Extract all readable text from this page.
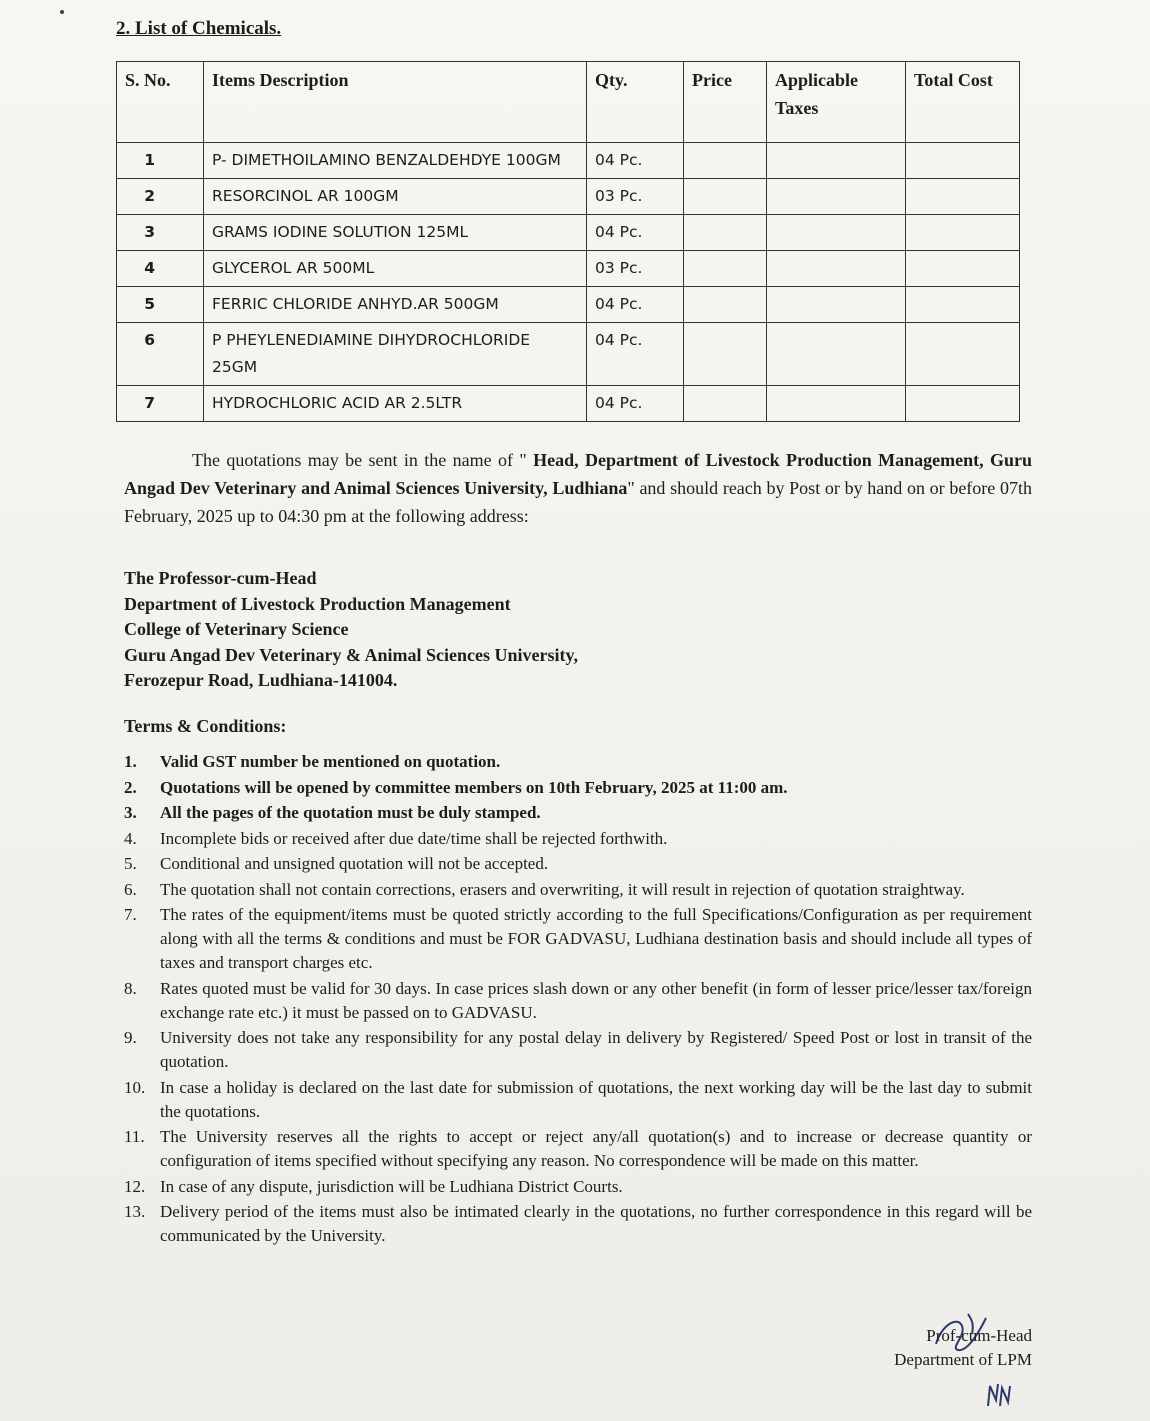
2. List of Chemicals.
S. No.	Items Description	Qty.	Price	Applicable Taxes	Total Cost
1	P- DIMETHOILAMINO BENZALDEHDYE 100GM	04 Pc.			
2	RESORCINOL AR 100GM	03 Pc.			
3	GRAMS IODINE SOLUTION 125ML	04 Pc.			
4	GLYCEROL AR 500ML	03 Pc.			
5	FERRIC CHLORIDE ANHYD.AR 500GM	04 Pc.			
6	P PHEYLENEDIAMINE DIHYDROCHLORIDE 25GM	04 Pc.			
7	HYDROCHLORIC ACID AR 2.5LTR	04 Pc.			
The quotations may be sent in the name of " Head, Department of Livestock Production Management, Guru Angad Dev Veterinary and Animal Sciences University, Ludhiana" and should reach by Post or by hand on or before 07th February, 2025 up to 04:30 pm at the following address:
The Professor-cum-Head
Department of Livestock Production Management
College of Veterinary Science
Guru Angad Dev Veterinary & Animal Sciences University,
Ferozepur Road, Ludhiana-141004.
Terms & Conditions:
1. Valid GST number be mentioned on quotation.
2. Quotations will be opened by committee members on 10th February, 2025 at 11:00 am.
3. All the pages of the quotation must be duly stamped.
4. Incomplete bids or received after due date/time shall be rejected forthwith.
5. Conditional and unsigned quotation will not be accepted.
6. The quotation shall not contain corrections, erasers and overwriting, it will result in rejection of quotation straightway.
7. The rates of the equipment/items must be quoted strictly according to the full Specifications/Configuration as per requirement along with all the terms & conditions and must be FOR GADVASU, Ludhiana destination basis and should include all types of taxes and transport charges etc.
8. Rates quoted must be valid for 30 days. In case prices slash down or any other benefit (in form of lesser price/lesser tax/foreign exchange rate etc.) it must be passed on to GADVASU.
9. University does not take any responsibility for any postal delay in delivery by Registered/ Speed Post or lost in transit of the quotation.
10. In case a holiday is declared on the last date for submission of quotations, the next working day will be the last day to submit the quotations.
11. The University reserves all the rights to accept or reject any/all quotation(s) and to increase or decrease quantity or configuration of items specified without specifying any reason. No correspondence will be made on this matter.
12. In case of any dispute, jurisdiction will be Ludhiana District Courts.
13. Delivery period of the items must also be intimated clearly in the quotations, no further correspondence in this regard will be communicated by the University.
Prof-cum-Head
Department of LPM
